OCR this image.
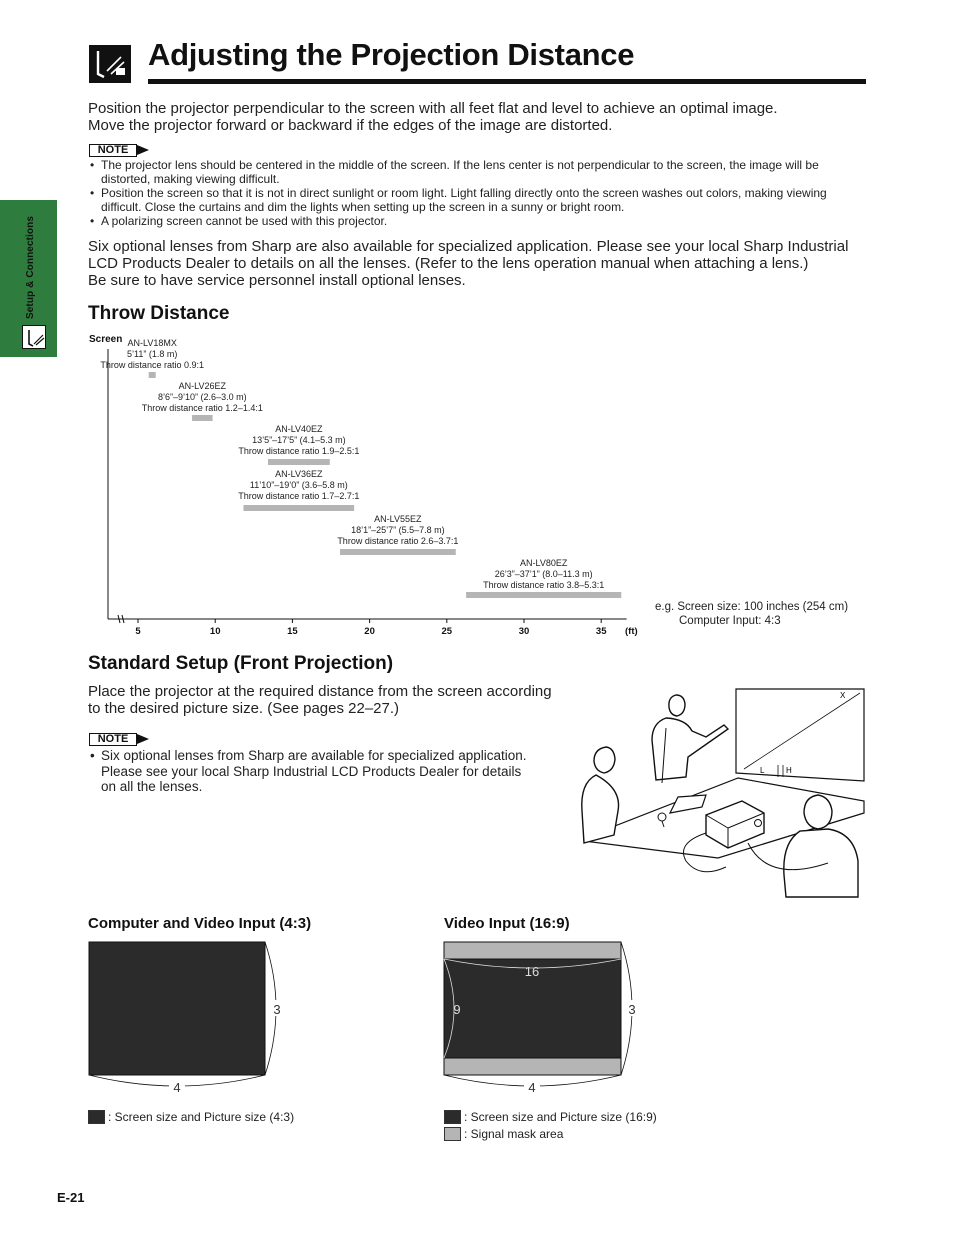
Setup & Connections
Adjusting the Projection Distance
Position the projector perpendicular to the screen with all feet flat and level to achieve an optimal image.
Move the projector forward or backward if the edges of the image are distorted.
NOTE
• The projector lens should be centered in the middle of the screen. If the lens center is not perpendicular to the screen, the image will be
distorted, making viewing difficult.
• Position the screen so that it is not in direct sunlight or room light. Light falling directly onto the screen washes out colors, making viewing
difficult. Close the curtains and dim the lights when setting up the screen in a sunny or bright room.
• A polarizing screen cannot be used with this projector.
Six optional lenses from Sharp are also available for specialized application. Please see your local Sharp Industrial
LCD Products Dealer to details on all the lenses. (Refer to the lens operation manual when attaching a lens.)
Be sure to have service personnel install optional lenses.
Throw Distance
Screen
5	10	15	20	25	30	35 (ft)
AN-LV18MX
5’11” (1.8 m)
Throw distance ratio 0.9:1
AN-LV26EZ
8’6”–9’10” (2.6–3.0 m)
Throw distance ratio 1.2–1.4:1
AN-LV40EZ
13’5”–17’5” (4.1–5.3 m)
Throw distance ratio 1.9–2.5:1
AN-LV36EZ
11’10”–19’0” (3.6–5.8 m)
Throw distance ratio 1.7–2.7:1
AN-LV55EZ
18’1”–25’7” (5.5–7.8 m)
Throw distance ratio 2.6–3.7:1
AN-LV80EZ
26’3”–37’1” (8.0–11.3 m)
Throw distance ratio 3.8–5.3:1
e.g. Screen size: 100 inches (254 cm)
Computer Input: 4:3
Standard Setup (Front Projection)
Place the projector at the required distance from the screen according
to the desired picture size. (See pages 22–27.)
NOTE
• Six optional lenses from Sharp are available for specialized application.
Please see your local Sharp Industrial LCD Products Dealer for details
on all the lenses.
X
L	H
Computer and Video Input (4:3)
3
4
: Screen size and Picture size (4:3)
Video Input (16:9)
16
9	3
4
: Screen size and Picture size (16:9)
: Signal mask area
E-21
